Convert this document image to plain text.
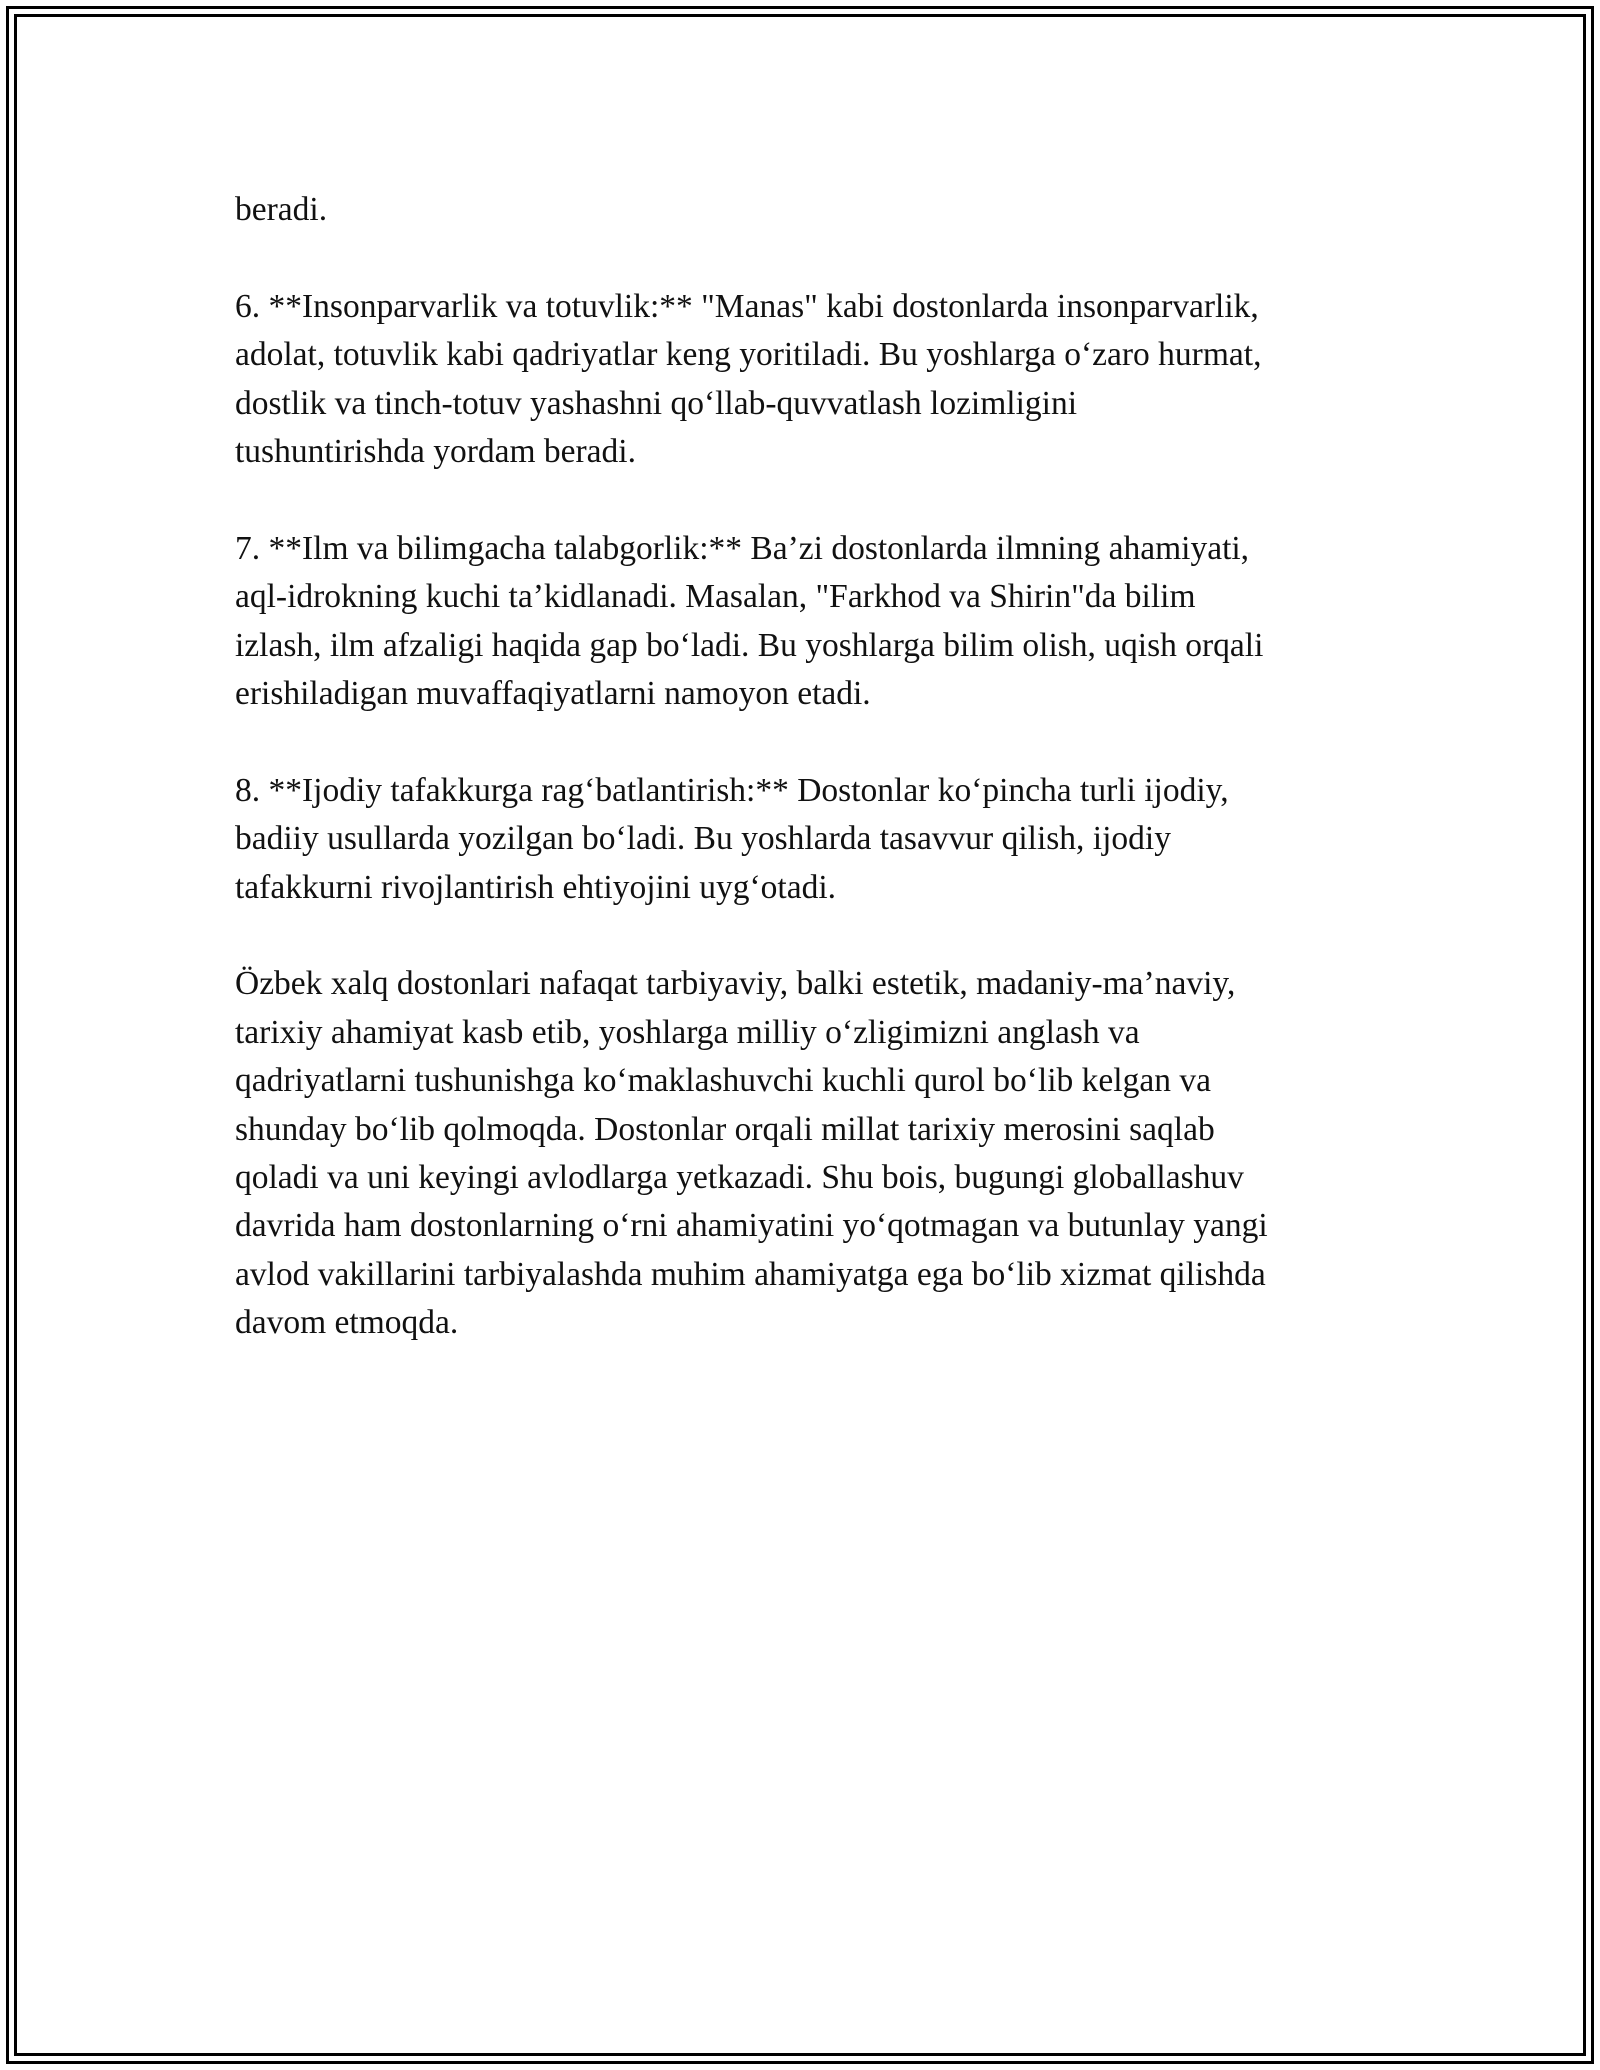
beradi.

6. **Insonparvarlik va totuvlik:** "Manas" kabi dostonlarda insonparvarlik,
adolat, totuvlik kabi qadriyatlar keng yoritiladi. Bu yoshlarga o‘zaro hurmat,
dostlik va tinch-totuv yashashni qo‘llab-quvvatlash lozimligini
tushuntirishda yordam beradi.

7. **Ilm va bilimgacha talabgorlik:** Ba’zi dostonlarda ilmning ahamiyati,
aql-idrokning kuchi ta’kidlanadi. Masalan, "Farkhod va Shirin"da bilim
izlash, ilm afzaligi haqida gap bo‘ladi. Bu yoshlarga bilim olish, uqish orqali
erishiladigan muvaffaqiyatlarni namoyon etadi.

8. **Ijodiy tafakkurga rag‘batlantirish:** Dostonlar ko‘pincha turli ijodiy,
badiiy usullarda yozilgan bo‘ladi. Bu yoshlarda tasavvur qilish, ijodiy
tafakkurni rivojlantirish ehtiyojini uyg‘otadi.

Özbek xalq dostonlari nafaqat tarbiyaviy, balki estetik, madaniy-ma’naviy,
tarixiy ahamiyat kasb etib, yoshlarga milliy o‘zligimizni anglash va
qadriyatlarni tushunishga ko‘maklashuvchi kuchli qurol bo‘lib kelgan va
shunday bo‘lib qolmoqda. Dostonlar orqali millat tarixiy merosini saqlab
qoladi va uni keyingi avlodlarga yetkazadi. Shu bois, bugungi globallashuv
davrida ham dostonlarning o‘rni ahamiyatini yo‘qotmagan va butunlay yangi
avlod vakillarini tarbiyalashda muhim ahamiyatga ega bo‘lib xizmat qilishda
davom etmoqda.
